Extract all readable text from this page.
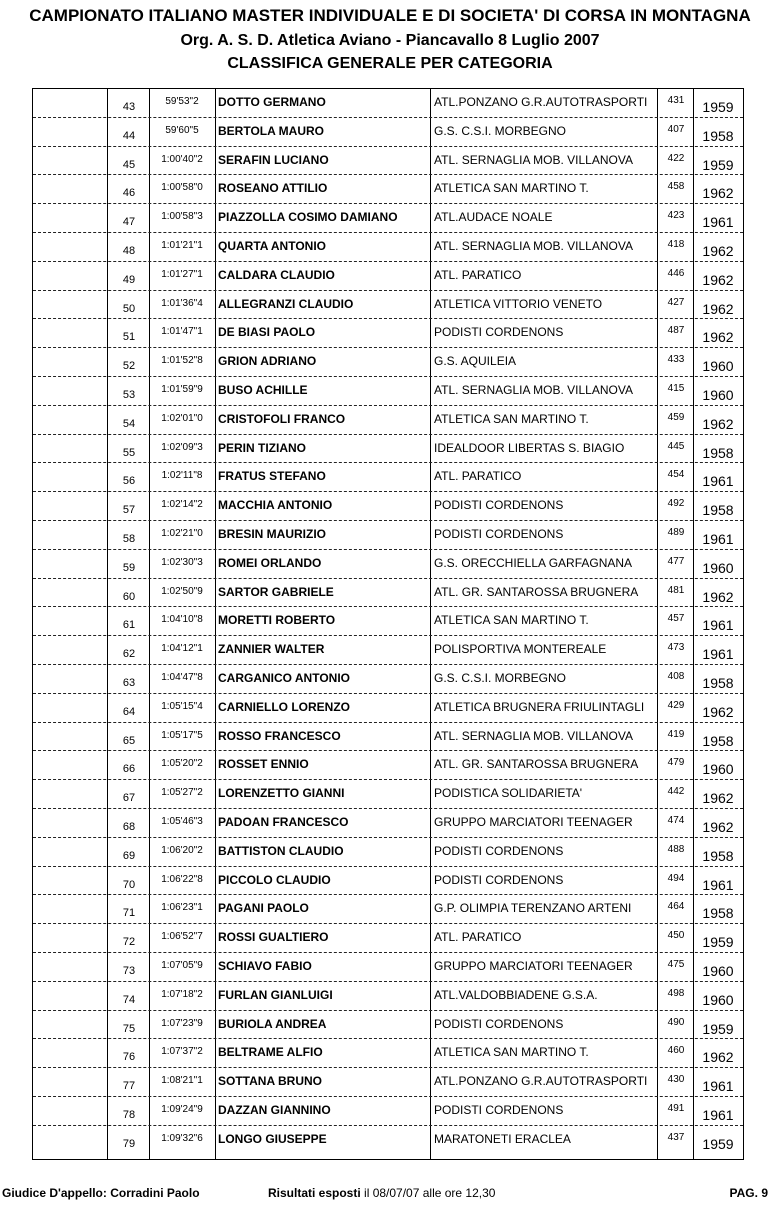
CAMPIONATO ITALIANO MASTER INDIVIDUALE E DI SOCIETA' DI CORSA IN MONTAGNA
Org. A. S. D. Atletica Aviano - Piancavallo 8 Luglio 2007
CLASSIFICA GENERALE PER CATEGORIA
43	59'53"2	DOTTO GERMANO	ATL.PONZANO G.R.AUTOTRASPORTI	431	1959
44	59'60"5	BERTOLA MAURO	G.S. C.S.I. MORBEGNO	407	1958
45	1:00'40"2	SERAFIN LUCIANO	ATL. SERNAGLIA MOB. VILLANOVA	422	1959
46	1:00'58"0	ROSEANO ATTILIO	ATLETICA SAN MARTINO T.	458	1962
47	1:00'58"3	PIAZZOLLA COSIMO DAMIANO	ATL.AUDACE NOALE	423	1961
48	1:01'21"1	QUARTA ANTONIO	ATL. SERNAGLIA MOB. VILLANOVA	418	1962
49	1:01'27"1	CALDARA CLAUDIO	ATL. PARATICO	446	1962
50	1:01'36"4	ALLEGRANZI CLAUDIO	ATLETICA VITTORIO VENETO	427	1962
51	1:01'47"1	DE BIASI PAOLO	PODISTI CORDENONS	487	1962
52	1:01'52"8	GRION ADRIANO	G.S. AQUILEIA	433	1960
53	1:01'59"9	BUSO ACHILLE	ATL. SERNAGLIA MOB. VILLANOVA	415	1960
54	1:02'01"0	CRISTOFOLI FRANCO	ATLETICA SAN MARTINO T.	459	1962
55	1:02'09"3	PERIN TIZIANO	IDEALDOOR LIBERTAS S. BIAGIO	445	1958
56	1:02'11"8	FRATUS STEFANO	ATL. PARATICO	454	1961
57	1:02'14"2	MACCHIA ANTONIO	PODISTI CORDENONS	492	1958
58	1:02'21"0	BRESIN MAURIZIO	PODISTI CORDENONS	489	1961
59	1:02'30"3	ROMEI ORLANDO	G.S. ORECCHIELLA GARFAGNANA	477	1960
60	1:02'50"9	SARTOR GABRIELE	ATL. GR. SANTAROSSA BRUGNERA	481	1962
61	1:04'10"8	MORETTI ROBERTO	ATLETICA SAN MARTINO T.	457	1961
62	1:04'12"1	ZANNIER WALTER	POLISPORTIVA MONTEREALE	473	1961
63	1:04'47"8	CARGANICO ANTONIO	G.S. C.S.I. MORBEGNO	408	1958
64	1:05'15"4	CARNIELLO LORENZO	ATLETICA BRUGNERA FRIULINTAGLI	429	1962
65	1:05'17"5	ROSSO FRANCESCO	ATL. SERNAGLIA MOB. VILLANOVA	419	1958
66	1:05'20"2	ROSSET ENNIO	ATL. GR. SANTAROSSA BRUGNERA	479	1960
67	1:05'27"2	LORENZETTO GIANNI	PODISTICA SOLIDARIETA'	442	1962
68	1:05'46"3	PADOAN FRANCESCO	GRUPPO MARCIATORI TEENAGER	474	1962
69	1:06'20"2	BATTISTON CLAUDIO	PODISTI CORDENONS	488	1958
70	1:06'22"8	PICCOLO CLAUDIO	PODISTI CORDENONS	494	1961
71	1:06'23"1	PAGANI PAOLO	G.P. OLIMPIA TERENZANO ARTENI	464	1958
72	1:06'52"7	ROSSI GUALTIERO	ATL. PARATICO	450	1959
73	1:07'05"9	SCHIAVO FABIO	GRUPPO MARCIATORI TEENAGER	475	1960
74	1:07'18"2	FURLAN GIANLUIGI	ATL.VALDOBBIADENE G.S.A.	498	1960
75	1:07'23"9	BURIOLA ANDREA	PODISTI CORDENONS	490	1959
76	1:07'37"2	BELTRAME ALFIO	ATLETICA SAN MARTINO T.	460	1962
77	1:08'21"1	SOTTANA BRUNO	ATL.PONZANO G.R.AUTOTRASPORTI	430	1961
78	1:09'24"9	DAZZAN GIANNINO	PODISTI CORDENONS	491	1961
79	1:09'32"6	LONGO GIUSEPPE	MARATONETI ERACLEA	437	1959
Giudice D'appello: Corradini Paolo	Risultati esposti il 08/07/07 alle ore 12,30	PAG. 9
